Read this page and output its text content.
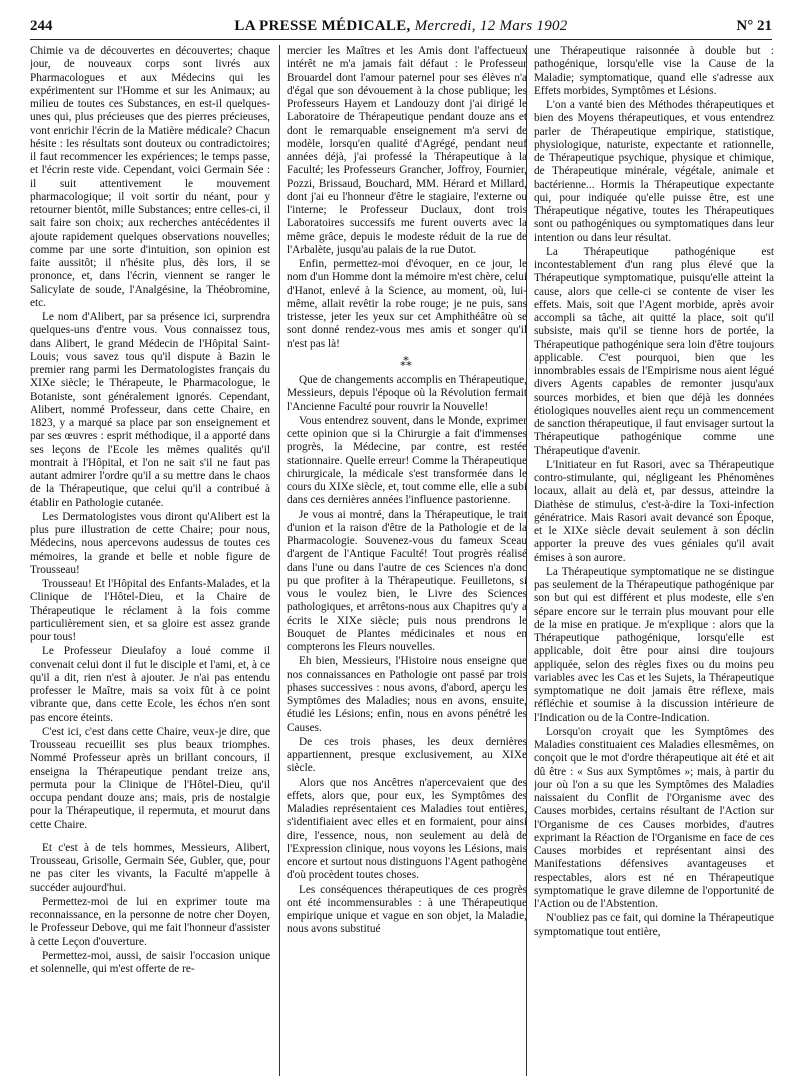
244	LA PRESSE MÉDICALE, Mercredi, 12 Mars 1902	N° 21

Chimie va de découvertes en découvertes; chaque jour, de nouveaux corps sont livrés aux Pharmacologues et aux Médecins qui les expérimentent sur l'Homme et sur les Animaux; au milieu de toutes ces Substances, en est-il quelques-unes qui, plus précieuses que des pierres précieuses, vont enrichir l'écrin de la Matière médicale? Chacun hésite : les résultats sont douteux ou contradictoires; il faut recommencer les expériences; le temps passe, et l'écrin reste vide. Cependant, voici Germain Sée : il suit attentivement le mouvement pharmacologique; il voit sortir du néant, pour y retourner bientôt, mille Substances; entre celles-ci, il sait faire son choix; aux recherches antécédentes il ajoute rapidement quelques observations nouvelles; comme par une sorte d'intuition, son opinion est faite aussitôt; il n'hésite plus, dès lors, il se prononce, et, dans l'écrin, viennent se ranger le Salicylate de soude, l'Analgésine, la Théobromine, etc.

Le nom d'Alibert, par sa présence ici, surprendra quelques-uns d'entre vous. Vous connaissez tous, dans Alibert, le grand Médecin de l'Hôpital Saint-Louis; vous savez tous qu'il dispute à Bazin le premier rang parmi les Dermatologistes français du XIXe siècle; le Thérapeute, le Pharmacologue, le Botaniste, sont généralement ignorés. Cependant, Alibert, nommé Professeur, dans cette Chaire, en 1823, y a marqué sa place par son enseignement et par ses œuvres : esprit méthodique, il a apporté dans ses leçons de l'Ecole les mêmes qualités qu'il montrait à l'Hôpital, et l'on ne sait s'il ne faut pas autant admirer l'ordre qu'il a su mettre dans le chaos de la Thérapeutique, que celui qu'il a contribué à établir en Pathologie cutanée.

Les Dermatologistes vous diront qu'Alibert est la plus pure illustration de cette Chaire; pour nous, Médecins, nous apercevons audessus de toutes ces mémoires, la grande et belle et noble figure de Trousseau!

Trousseau! Et l'Hôpital des Enfants-Malades, et la Clinique de l'Hôtel-Dieu, et la Chaire de Thérapeutique le réclament à la fois comme particulièrement sien, et sa gloire est assez grande pour tous!

Le Professeur Dieulafoy a loué comme il convenait celui dont il fut le disciple et l'ami, et, à ce qu'il a dit, rien n'est à ajouter. Je n'ai pas entendu professer le Maître, mais sa voix fût à ce point vibrante que, dans cette Ecole, les échos n'en sont pas encore éteints.

C'est ici, c'est dans cette Chaire, veux-je dire, que Trousseau recueillit ses plus beaux triomphes. Nommé Professeur après un brillant concours, il enseigna la Thérapeutique pendant treize ans, permuta pour la Clinique de l'Hôtel-Dieu, qu'il occupa pendant douze ans; mais, pris de nostalgie pour la Thérapeutique, il repermuta, et mourut dans cette Chaire.

Et c'est à de tels hommes, Messieurs, Alibert, Trousseau, Grisolle, Germain Sée, Gubler, que, pour ne pas citer les vivants, la Faculté m'appelle à succéder aujourd'hui.

Permettez-moi de lui en exprimer toute ma reconnaissance, en la personne de notre cher Doyen, le Professeur Debove, qui me fait l'honneur d'assister à cette Leçon d'ouverture.

Permettez-moi, aussi, de saisir l'occasion unique et solennelle, qui m'est offerte de re-

mercier les Maîtres et les Amis dont l'affectueux intérêt ne m'a jamais fait défaut : le Professeur Brouardel dont l'amour paternel pour ses élèves n'a d'égal que son dévouement à la chose publique; les Professeurs Hayem et Landouzy dont j'ai dirigé le Laboratoire de Thérapeutique pendant douze ans et dont le remarquable enseignement m'a servi de modèle, lorsqu'en qualité d'Agrégé, pendant neuf années déjà, j'ai professé la Thérapeutique à la Faculté; les Professeurs Grancher, Joffroy, Fournier, Pozzi, Brissaud, Bouchard, MM. Hérard et Millard, dont j'ai eu l'honneur d'être le stagiaire, l'externe ou l'interne; le Professeur Duclaux, dont trois Laboratoires successifs me furent ouverts avec la même grâce, depuis le modeste réduit de la rue de l'Arbalète, jusqu'au palais de la rue Dutot.

Enfin, permettez-moi d'évoquer, en ce jour, le nom d'un Homme dont la mémoire m'est chère, celui d'Hanot, enlevé à la Science, au moment, où, lui-même, allait revêtir la robe rouge; je ne puis, sans tristesse, jeter les yeux sur cet Amphithéâtre où se sont donné rendez-vous mes amis et songer qu'il n'est pas là!

⁂

Que de changements accomplis en Thérapeutique, Messieurs, depuis l'époque où la Révolution fermait l'Ancienne Faculté pour rouvrir la Nouvelle!

Vous entendrez souvent, dans le Monde, exprimer cette opinion que si la Chirurgie a fait d'immenses progrès, la Médecine, par contre, est restée stationnaire. Quelle erreur! Comme la Thérapeutique chirurgicale, la médicale s'est transformée dans le cours du XIXe siècle, et, tout comme elle, elle a subi dans ces dernières années l'influence pastorienne.

Je vous ai montré, dans la Thérapeutique, le trait d'union et la raison d'être de la Pathologie et de la Pharmacologie. Souvenez-vous du fameux Sceau d'argent de l'Antique Faculté! Tout progrès réalisé dans l'une ou dans l'autre de ces Sciences n'a donc pu que profiter à la Thérapeutique. Feuilletons, si vous le voulez bien, le Livre des Sciences pathologiques, et arrêtons-nous aux Chapitres qu'y a écrits le XIXe siècle; puis nous prendrons le Bouquet de Plantes médicinales et nous en compterons les Fleurs nouvelles.

Eh bien, Messieurs, l'Histoire nous enseigne que nos connaissances en Pathologie ont passé par trois phases successives : nous avons, d'abord, aperçu les Symptômes des Maladies; nous en avons, ensuite, étudié les Lésions; enfin, nous en avons pénétré les Causes.

De ces trois phases, les deux dernières appartiennent, presque exclusivement, au XIXe siècle.

Alors que nos Ancêtres n'apercevaient que des effets, alors que, pour eux, les Symptômes des Maladies représentaient ces Maladies tout entières, s'identifiaient avec elles et en formaient, pour ainsi dire, l'essence, nous, non seulement au delà de l'Expression clinique, nous voyons les Lésions, mais encore et surtout nous distinguons l'Agent pathogène d'où procèdent toutes choses.

Les conséquences thérapeutiques de ces progrès ont été incommensurables : à une Thérapeutique empirique unique et vague en son objet, la Maladie, nous avons substitué

une Thérapeutique raisonnée à double but : pathogénique, lorsqu'elle vise la Cause de la Maladie; symptomatique, quand elle s'adresse aux Effets morbides, Symptômes et Lésions.

L'on a vanté bien des Méthodes thérapeutiques et bien des Moyens thérapeutiques, et vous entendrez parler de Thérapeutique empirique, statistique, physiologique, naturiste, expectante et rationnelle, de Thérapeutique psychique, physique et chimique, de Thérapeutique minérale, végétale, animale et bactérienne... Hormis la Thérapeutique expectante qui, pour indiquée qu'elle puisse être, est une Thérapeutique négative, toutes les Thérapeutiques sont ou pathogéniques ou symptomatiques dans leur intention ou dans leur résultat.

La Thérapeutique pathogénique est incontestablement d'un rang plus élevé que la Thérapeutique symptomatique, puisqu'elle atteint la cause, alors que celle-ci se contente de viser les effets. Mais, soit que l'Agent morbide, après avoir accompli sa tâche, ait quitté la place, soit qu'il subsiste, mais qu'il se tienne hors de portée, la Thérapeutique pathogénique sera loin d'être toujours applicable. C'est pourquoi, bien que les innombrables essais de l'Empirisme nous aient légué divers Agents capables de remonter jusqu'aux sources morbides, et bien que déjà les données étiologiques nouvelles aient reçu un commencement de sanction thérapeutique, il faut envisager surtout la Thérapeutique pathogénique comme une Thérapeutique d'avenir.

L'Initiateur en fut Rasori, avec sa Thérapeutique contro-stimulante, qui, négligeant les Phénomènes locaux, allait au delà et, par dessus, atteindre la Diathèse de stimulus, c'est-à-dire la Toxi-infection génératrice. Mais Rasori avait devancé son Époque, et le XIXe siècle devait seulement à son déclin apporter la preuve des vues géniales qu'il avait émises à son aurore.

La Thérapeutique symptomatique ne se distingue pas seulement de la Thérapeutique pathogénique par son but qui est différent et plus modeste, elle s'en sépare encore sur le terrain plus mouvant pour elle de la mise en pratique. Je m'explique : alors que la Thérapeutique pathogénique, lorsqu'elle est applicable, doit être pour ainsi dire toujours appliquée, selon des règles fixes ou du moins peu variables avec les Cas et les Sujets, la Thérapeutique symptomatique ne doit jamais être réflexe, mais réfléchie et soumise à la discussion intérieure de l'Indication ou de la Contre-Indication.

Lorsqu'on croyait que les Symptômes des Maladies constituaient ces Maladies ellesmêmes, on conçoit que le mot d'ordre thérapeutique ait été et ait dû être : « Sus aux Symptômes »; mais, à partir du jour où l'on a su que les Symptômes des Maladies naissaient du Conflit de l'Organisme avec des Causes morbides, certains résultant de l'Action sur l'Organisme de ces Causes morbides, d'autres exprimant la Réaction de l'Organisme en face de ces Causes morbides et représentant ainsi des Manifestations défensives avantageuses et respectables, alors est né en Thérapeutique symptomatique le grave dilemne de l'opportunité de l'Action ou de l'Abstention.

N'oubliez pas ce fait, qui domine la Thérapeutique symptomatique tout entière,
